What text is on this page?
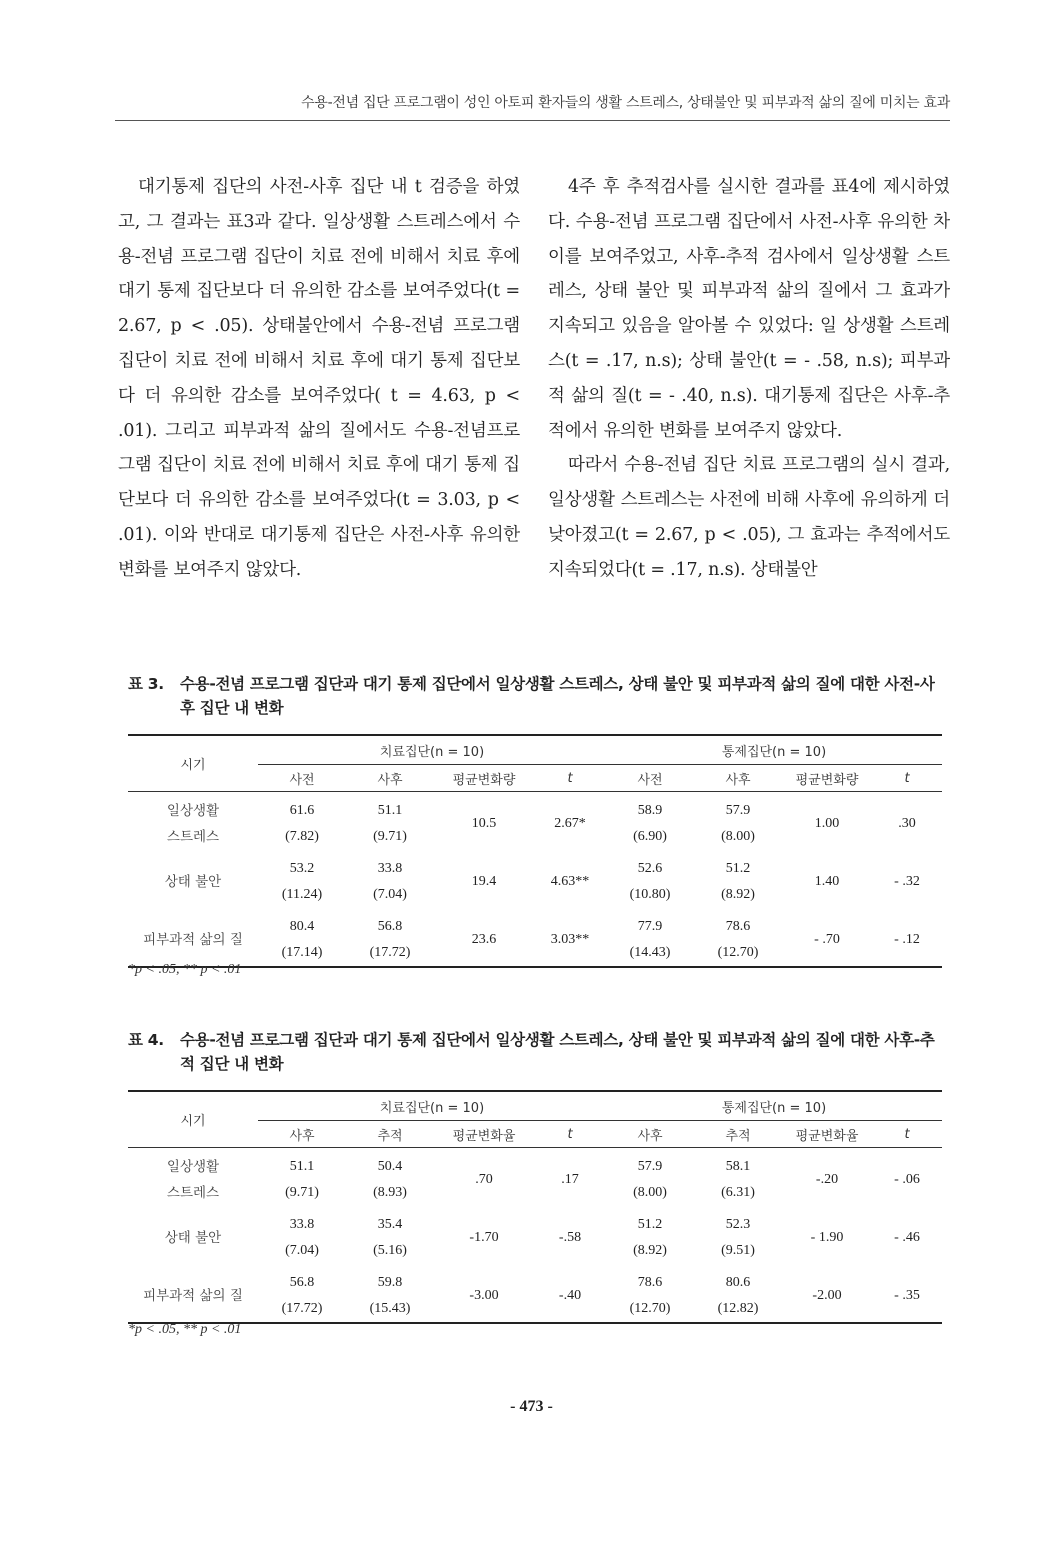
수용-전념 집단 프로그램이 성인 아토피 환자들의 생활 스트레스, 상태불안 및 피부과적 삶의 질에 미치는 효과

대기통제 집단의 사전-사후 집단 내 t 검증을 하였고, 그 결과는 표3과 같다. 일상생활 스트레스에서 수용-전념 프로그램 집단이 치료 전에 비해서 치료 후에 대기 통제 집단보다 더 유의한 감소를 보여주었다(t = 2.67, p < .05). 상태불안에서 수용-전념 프로그램 집단이 치료 전에 비해서 치료 후에 대기 통제 집단보다 더 유의한 감소를 보여주었다( t = 4.63, p < .01). 그리고 피부과적 삶의 질에서도 수용-전념프로그램 집단이 치료 전에 비해서 치료 후에 대기 통제 집단보다 더 유의한 감소를 보여주었다(t = 3.03, p < .01). 이와 반대로 대기통제 집단은 사전-사후 유의한 변화를 보여주지 않았다.

4주 후 추적검사를 실시한 결과를 표4에 제시하였다. 수용-전념 프로그램 집단에서 사전-사후 유의한 차이를 보여주었고, 사후-추적 검사에서 일상생활 스트레스, 상태 불안 및 피부과적 삶의 질에서 그 효과가 지속되고 있음을 알아볼 수 있었다: 일 상생활 스트레스(t = .17, n.s); 상태 불안(t = - .58, n.s); 피부과적 삶의 질(t = - .40, n.s). 대기통제 집단은 사후-추적에서 유의한 변화를 보여주지 않았다.

따라서 수용-전념 집단 치료 프로그램의 실시 결과, 일상생활 스트레스는 사전에 비해 사후에 유의하게 더 낮아졌고(t = 2.67, p < .05), 그 효과는 추적에서도 지속되었다(t = .17, n.s). 상태불안

표 3. 수용-전념 프로그램 집단과 대기 통제 집단에서 일상생활 스트레스, 상태 불안 및 피부과적 삶의 질에 대한 사전-사후 집단 내 변화
시기	치료집단(n = 10)				통제집단(n = 10)			
	사전	사후	평균변화량	t	사전	사후	평균변화량	t
일상생활	61.6	51.1	10.5	2.67*	58.9	57.9	1.00	.30
스트레스	(7.82)	(9.71)			(6.90)	(8.00)		
상태 불안	53.2	33.8	19.4	4.63**	52.6	51.2	1.40	- .32
	(11.24)	(7.04)			(10.80)	(8.92)		
피부과적 삶의 질	80.4	56.8	23.6	3.03**	77.9	78.6	- .70	- .12
	(17.14)	(17.72)			(14.43)	(12.70)		
*p < .05, ** p < .01
표 4. 수용-전념 프로그램 집단과 대기 통제 집단에서 일상생활 스트레스, 상태 불안 및 피부과적 삶의 질에 대한 사후-추적 집단 내 변화
시기	치료집단(n = 10)				통제집단(n = 10)			
	사후	추적	평균변화율	t	사후	추적	평균변화율	t
일상생활	51.1	50.4	.70	.17	57.9	58.1	-.20	- .06
스트레스	(9.71)	(8.93)			(8.00)	(6.31)		
상태 불안	33.8	35.4	-1.70	-.58	51.2	52.3	- 1.90	- .46
	(7.04)	(5.16)			(8.92)	(9.51)		
피부과적 삶의 질	56.8	59.8	-3.00	-.40	78.6	80.6	-2.00	- .35
	(17.72)	(15.43)			(12.70)	(12.82)		
*p < .05, ** p < .01
- 473 -
